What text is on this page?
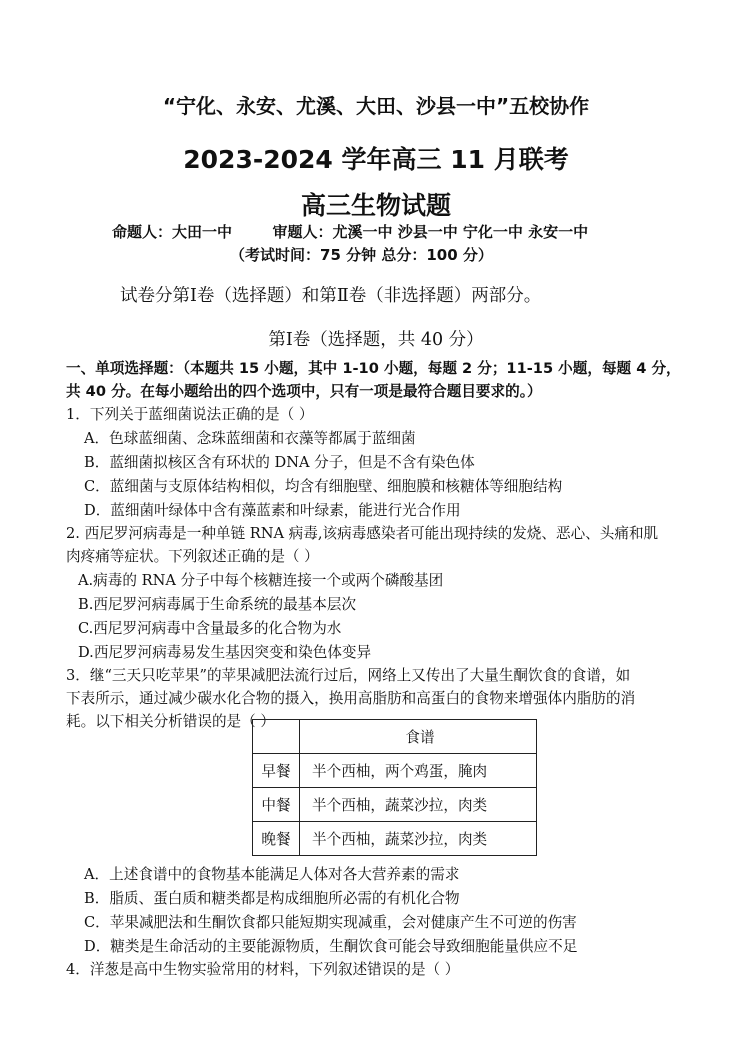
“宁化、永安、尤溪、大田、沙县一中”五校协作
2023-2024 学年高三 11 月联考
高三生物试题
命题人：大田一中	审题人：尤溪一中 沙县一中 宁化一中 永安一中
（考试时间：75 分钟 总分：100 分）
试卷分第Ⅰ卷（选择题）和第Ⅱ卷（非选择题）两部分。
第Ⅰ卷（选择题，共 40 分）
一、单项选择题：（本题共 15 小题，其中 1-10 小题，每题 2 分；11-15 小题，每题 4 分，
共 40 分。在每小题给出的四个选项中，只有一项是最符合题目要求的。）
1．下列关于蓝细菌说法正确的是（ ）
A．色球蓝细菌、念珠蓝细菌和衣藻等都属于蓝细菌
B．蓝细菌拟核区含有环状的 DNA 分子，但是不含有染色体
C．蓝细菌与支原体结构相似，均含有细胞壁、细胞膜和核糖体等细胞结构
D．蓝细菌叶绿体中含有藻蓝素和叶绿素，能进行光合作用
2. 西尼罗河病毒是一种单链 RNA 病毒,该病毒感染者可能出现持续的发烧、恶心、头痛和肌
肉疼痛等症状。下列叙述正确的是（ ）
A.病毒的 RNA 分子中每个核糖连接一个或两个磷酸基团
B.西尼罗河病毒属于生命系统的最基本层次
C.西尼罗河病毒中含量最多的化合物为水
D.西尼罗河病毒易发生基因突变和染色体变异
3．继“三天只吃苹果”的苹果减肥法流行过后，网络上又传出了大量生酮饮食的食谱，如
下表所示，通过减少碳水化合物的摄入，换用高脂肪和高蛋白的食物来增强体内脂肪的消
耗。以下相关分析错误的是（ ）
	食谱
早餐	半个西柚，两个鸡蛋，腌肉
中餐	半个西柚，蔬菜沙拉，肉类
晚餐	半个西柚，蔬菜沙拉，肉类
A．上述食谱中的食物基本能满足人体对各大营养素的需求
B．脂质、蛋白质和糖类都是构成细胞所必需的有机化合物
C．苹果减肥法和生酮饮食都只能短期实现减重，会对健康产生不可逆的伤害
D．糖类是生命活动的主要能源物质，生酮饮食可能会导致细胞能量供应不足
4．洋葱是高中生物实验常用的材料，下列叙述错误的是（ ）
